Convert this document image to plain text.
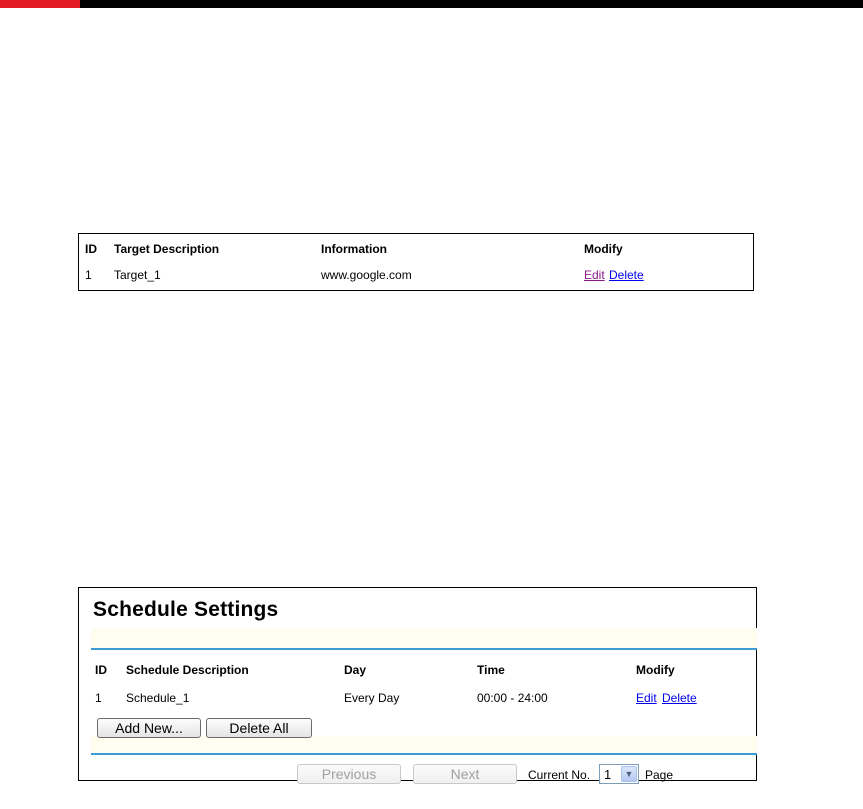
ID Target Description	Information	Modify
1 Target_1	www.google.com	Edit Delete
Schedule Settings
ID Schedule Description	Day	Time	Modify
1 Schedule_1	Every Day	00:00 - 24:00	Edit Delete
Add New...	Delete All
Previous	Next	Current No. 1	▼ Page
